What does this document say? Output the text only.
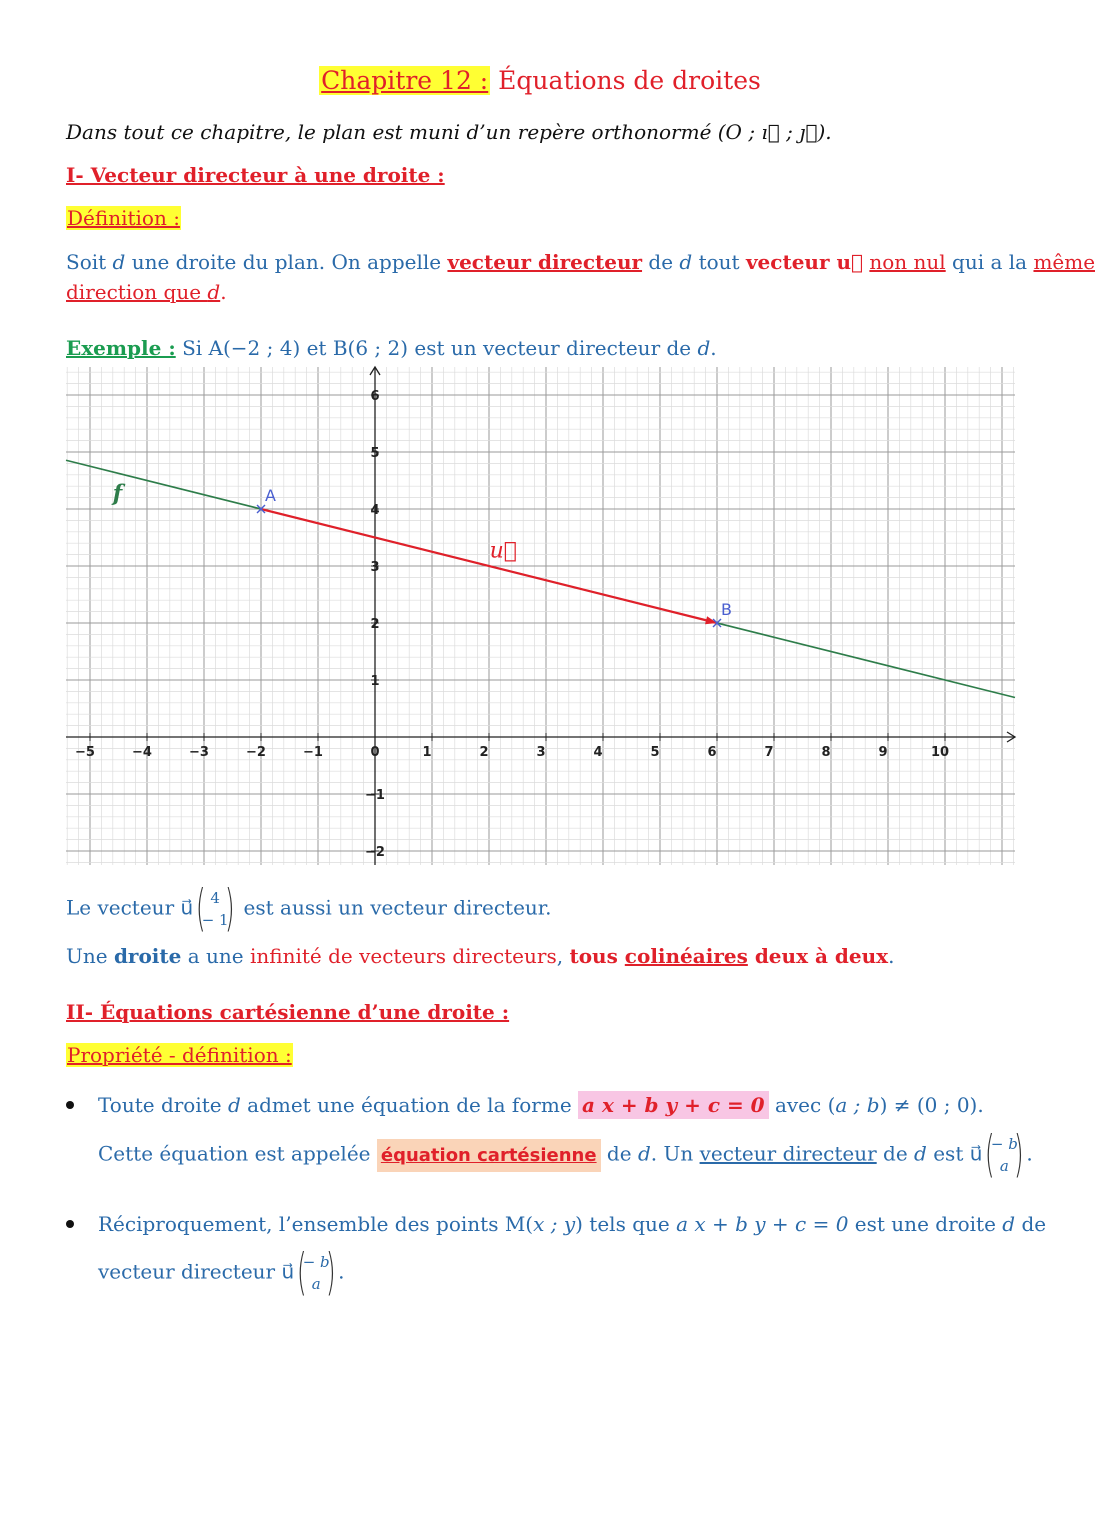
Chapitre 12 : Équations de droites
Dans tout ce chapitre, le plan est muni d’un repère orthonormé (O ; ı⃗ ; ȷ⃗).
I- Vecteur directeur à une droite :
Définition :
Soit d une droite du plan. On appelle vecteur directeur de d tout vecteur u⃗ non nul qui a la même
direction que d.
Exemple : Si A(−2 ; 4) et B(6 ; 2) est un vecteur directeur de d.
−5	−4	−3	−2	−1	0	1	2	3	4	5	6	7	8	9	10
−2
−1
1
2
3
4
5
6
f
u⃗
A
B
Le vecteur u⃗ ( 4
− 1
) est aussi un vecteur directeur.
Une droite a une infinité de vecteurs directeurs, tous colinéaires deux à deux.
II- Équations cartésienne d’une droite :
Propriété - définition :
Toute droite d admet une équation de la forme a x + b y + c = 0 avec (a ; b) ≠ (0 ; 0).
Cette équation est appelée équation cartésienne de d. Un vecteur directeur de d est u⃗ (
− b
a ) .
Réciproquement, l’ensemble des points M(x ; y) tels que a x + b y + c = 0 est une droite d de
vecteur directeur u⃗ (
− b
a ) .
